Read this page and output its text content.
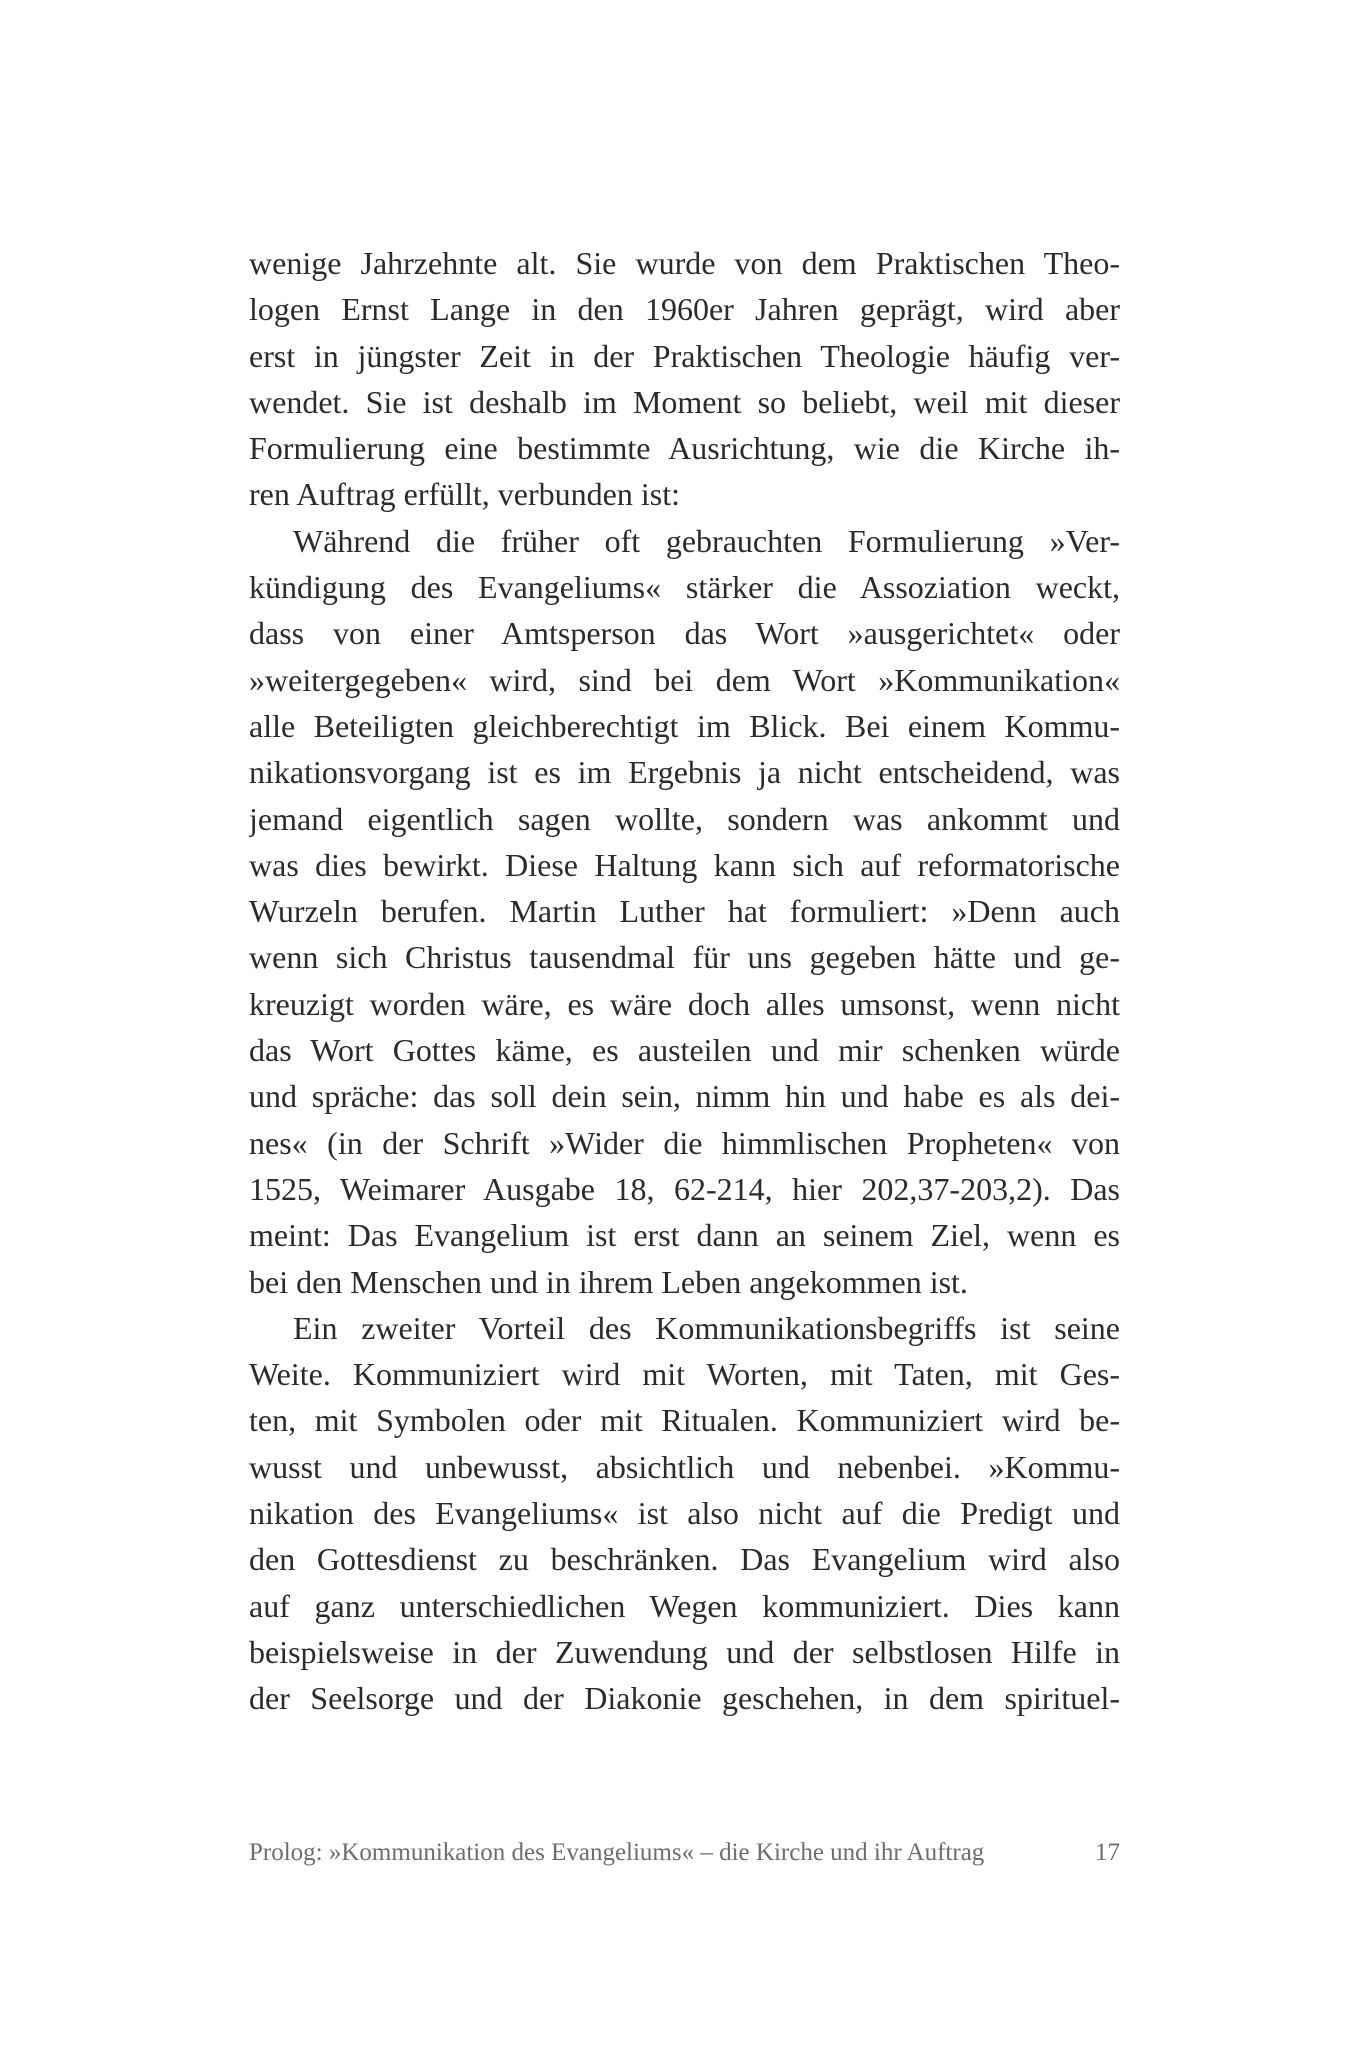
wenige Jahrzehnte alt. Sie wurde von dem Praktischen Theo-
logen Ernst Lange in den 1960er Jahren geprägt, wird aber
erst in jüngster Zeit in der Praktischen Theologie häufig ver-
wendet. Sie ist deshalb im Moment so beliebt, weil mit dieser
Formulierung eine bestimmte Ausrichtung, wie die Kirche ih-
ren Auftrag erfüllt, verbunden ist:
Während die früher oft gebrauchten Formulierung »Ver-
kündigung des Evangeliums« stärker die Assoziation weckt,
dass von einer Amtsperson das Wort »ausgerichtet« oder
»weitergegeben« wird, sind bei dem Wort »Kommunikation«
alle Beteiligten gleichberechtigt im Blick. Bei einem Kommu-
nikationsvorgang ist es im Ergebnis ja nicht entscheidend, was
jemand eigentlich sagen wollte, sondern was ankommt und
was dies bewirkt. Diese Haltung kann sich auf reformatorische
Wurzeln berufen. Martin Luther hat formuliert: »Denn auch
wenn sich Christus tausendmal für uns gegeben hätte und ge-
kreuzigt worden wäre, es wäre doch alles umsonst, wenn nicht
das Wort Gottes käme, es austeilen und mir schenken würde
und spräche: das soll dein sein, nimm hin und habe es als dei-
nes« (in der Schrift »Wider die himmlischen Propheten« von
1525, Weimarer Ausgabe 18, 62-214, hier 202,37-203,2). Das
meint: Das Evangelium ist erst dann an seinem Ziel, wenn es
bei den Menschen und in ihrem Leben angekommen ist.
Ein zweiter Vorteil des Kommunikationsbegriffs ist seine
Weite. Kommuniziert wird mit Worten, mit Taten, mit Ges-
ten, mit Symbolen oder mit Ritualen. Kommuniziert wird be-
wusst und unbewusst, absichtlich und nebenbei. »Kommu-
nikation des Evangeliums« ist also nicht auf die Predigt und
den Gottesdienst zu beschränken. Das Evangelium wird also
auf ganz unterschiedlichen Wegen kommuniziert. Dies kann
beispielsweise in der Zuwendung und der selbstlosen Hilfe in
der Seelsorge und der Diakonie geschehen, in dem spirituel-
Prolog: »Kommunikation des Evangeliums« – die Kirche und ihr Auftrag	17
